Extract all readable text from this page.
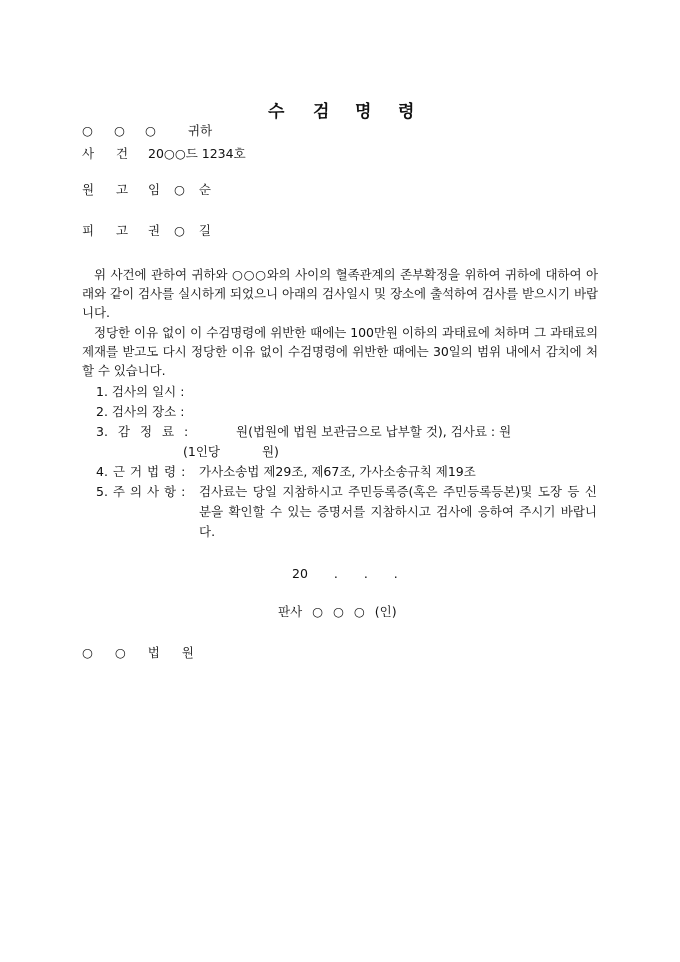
수 검 명 령
○ ○ ○	귀하
사 건 20○○드 1234호
원 고 임 ○ 순
피 고 권 ○ 길
위 사건에 관하여 귀하와 ○○○와의 사이의 혈족관계의 존부확정을 위하여 귀하에 대하여 아래와 같이 검사를 실시하게 되었으니 아래의 검사일시 및 장소에 출석하여 검사를 받으시기 바랍니다.
정당한 이유 없이 이 수검명령에 위반한 때에는 100만원 이하의 과태료에 처하며 그 과태료의 제재를 받고도 다시 정당한 이유 없이 수검명령에 위반한 때에는 30일의 범위 내에서 감치에 처할 수 있습니다.
1. 검사의 일시 :
2. 검사의 장소 :
3. 감 정 료 :	원(법원에 법원 보관금으로 납부할 것), 검사료 : 원
(1인당 원)
4. 근 거 법 령 : 가사소송법 제29조, 제67조, 가사소송규칙 제19조
5. 주 의 사 항 : 검사료는 당일 지참하시고 주민등록증(혹은 주민등록등본)및 도장 등 신분을 확인할 수 있는 증명서를 지참하시고 검사에 응하여 주시기 바랍니다.
20 . . .
판사 ○ ○ ○ (인)
○ ○ 법 원
